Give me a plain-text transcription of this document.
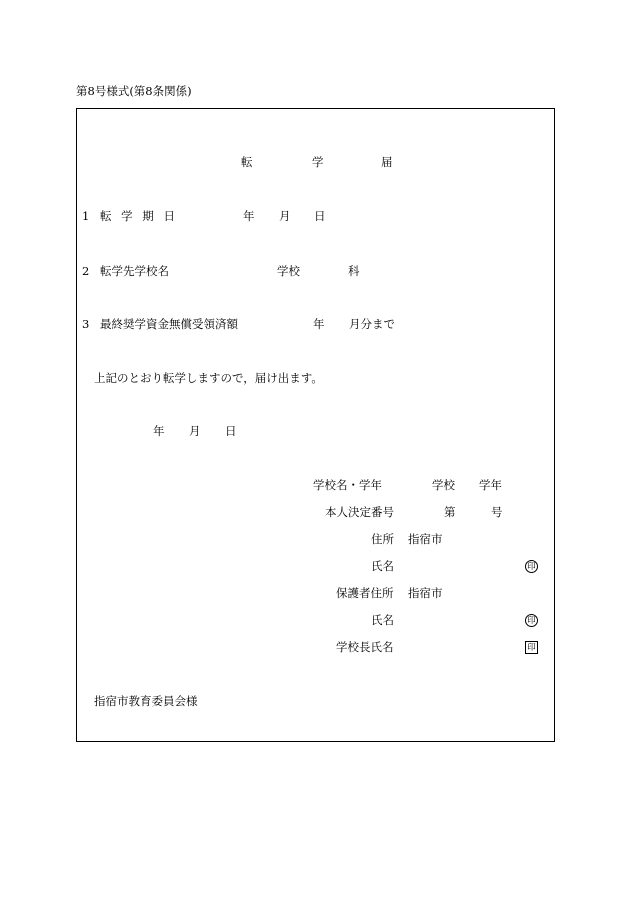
第8号様式(第8条関係)
転	学	届
1 転 学 期 日	年 月 日
2 転学先学校名	学校	科
3 最終奨学資金無償受領済額	年 月分まで
上記のとおり転学しますので，届け出ます。
年 月 日
学校名・学年	学校 学年
本人決定番号	第	号
住所 指宿市
氏名	印
保護者住所 指宿市
氏名	印
学校長氏名	印
指宿市教育委員会様
